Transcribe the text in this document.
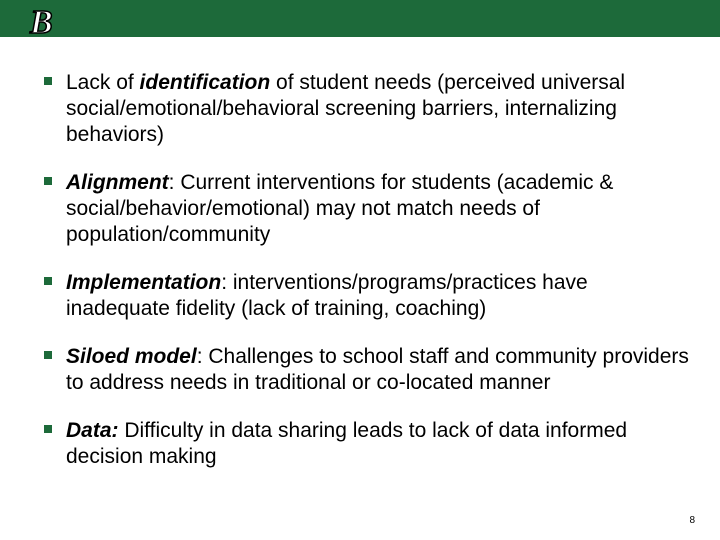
B
Lack of identification of student needs (perceived universal social/emotional/behavioral screening barriers, internalizing behaviors)
Alignment: Current interventions for students (academic & social/behavior/emotional) may not match needs of population/community
Implementation: interventions/programs/practices have inadequate fidelity (lack of training, coaching)
Siloed model: Challenges to school staff and community providers to address needs in traditional or co-located manner
Data: Difficulty in data sharing leads to lack of data informed decision making
8
